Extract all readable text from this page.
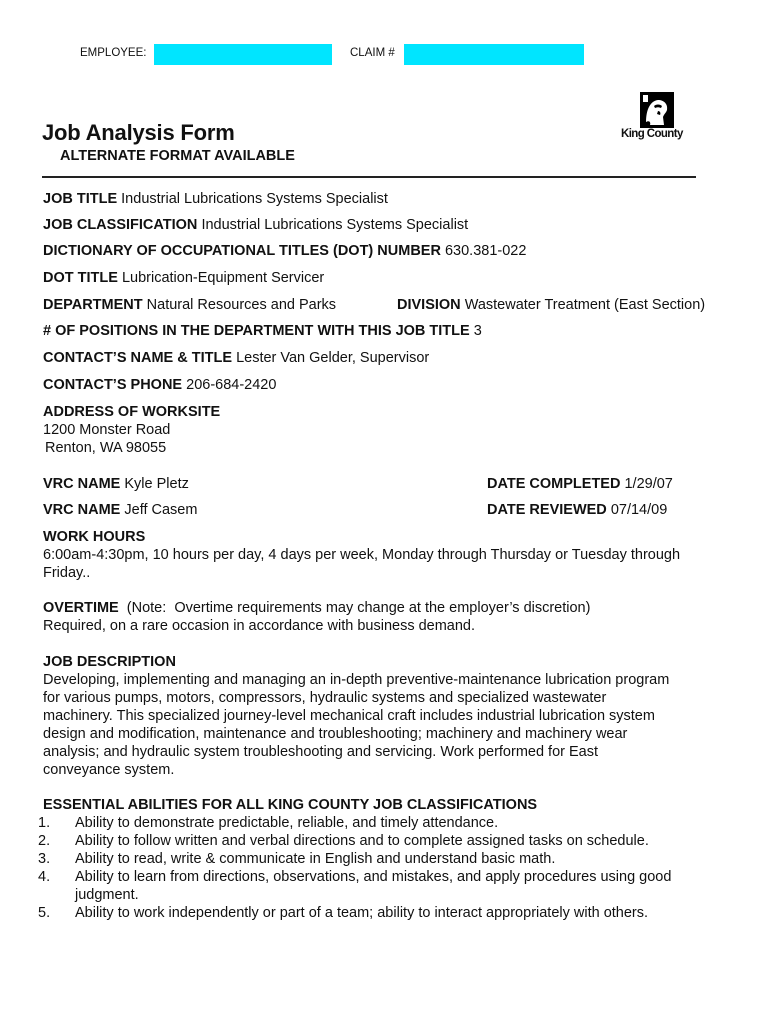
EMPLOYEE:	CLAIM #
King County
Job Analysis Form
ALTERNATE FORMAT AVAILABLE
JOB TITLE Industrial Lubrications Systems Specialist
JOB CLASSIFICATION Industrial Lubrications Systems Specialist
DICTIONARY OF OCCUPATIONAL TITLES (DOT) NUMBER 630.381-022
DOT TITLE Lubrication-Equipment Servicer
DEPARTMENT Natural Resources and Parks	DIVISION Wastewater Treatment (East Section)
# OF POSITIONS IN THE DEPARTMENT WITH THIS JOB TITLE 3
CONTACT’S NAME & TITLE Lester Van Gelder, Supervisor
CONTACT’S PHONE 206-684-2420
ADDRESS OF WORKSITE
1200 Monster Road
Renton, WA 98055
VRC NAME Kyle Pletz	DATE COMPLETED 1/29/07
VRC NAME Jeff Casem	DATE REVIEWED 07/14/09
WORK HOURS
6:00am-4:30pm, 10 hours per day, 4 days per week, Monday through Thursday or Tuesday through
Friday..
OVERTIME  (Note:  Overtime requirements may change at the employer’s discretion)
Required, on a rare occasion in accordance with business demand.
JOB DESCRIPTION
Developing, implementing and managing an in-depth preventive-maintenance lubrication program
for various pumps, motors, compressors, hydraulic systems and specialized wastewater
machinery. This specialized journey-level mechanical craft includes industrial lubrication system
design and modification, maintenance and troubleshooting; machinery and machinery wear
analysis; and hydraulic system troubleshooting and servicing. Work performed for East
conveyance system.
ESSENTIAL ABILITIES FOR ALL KING COUNTY JOB CLASSIFICATIONS
1.	Ability to demonstrate predictable, reliable, and timely attendance.
2.	Ability to follow written and verbal directions and to complete assigned tasks on schedule.
3.	Ability to read, write & communicate in English and understand basic math.
4.	Ability to learn from directions, observations, and mistakes, and apply procedures using good judgment.
5.	Ability to work independently or part of a team; ability to interact appropriately with others.
